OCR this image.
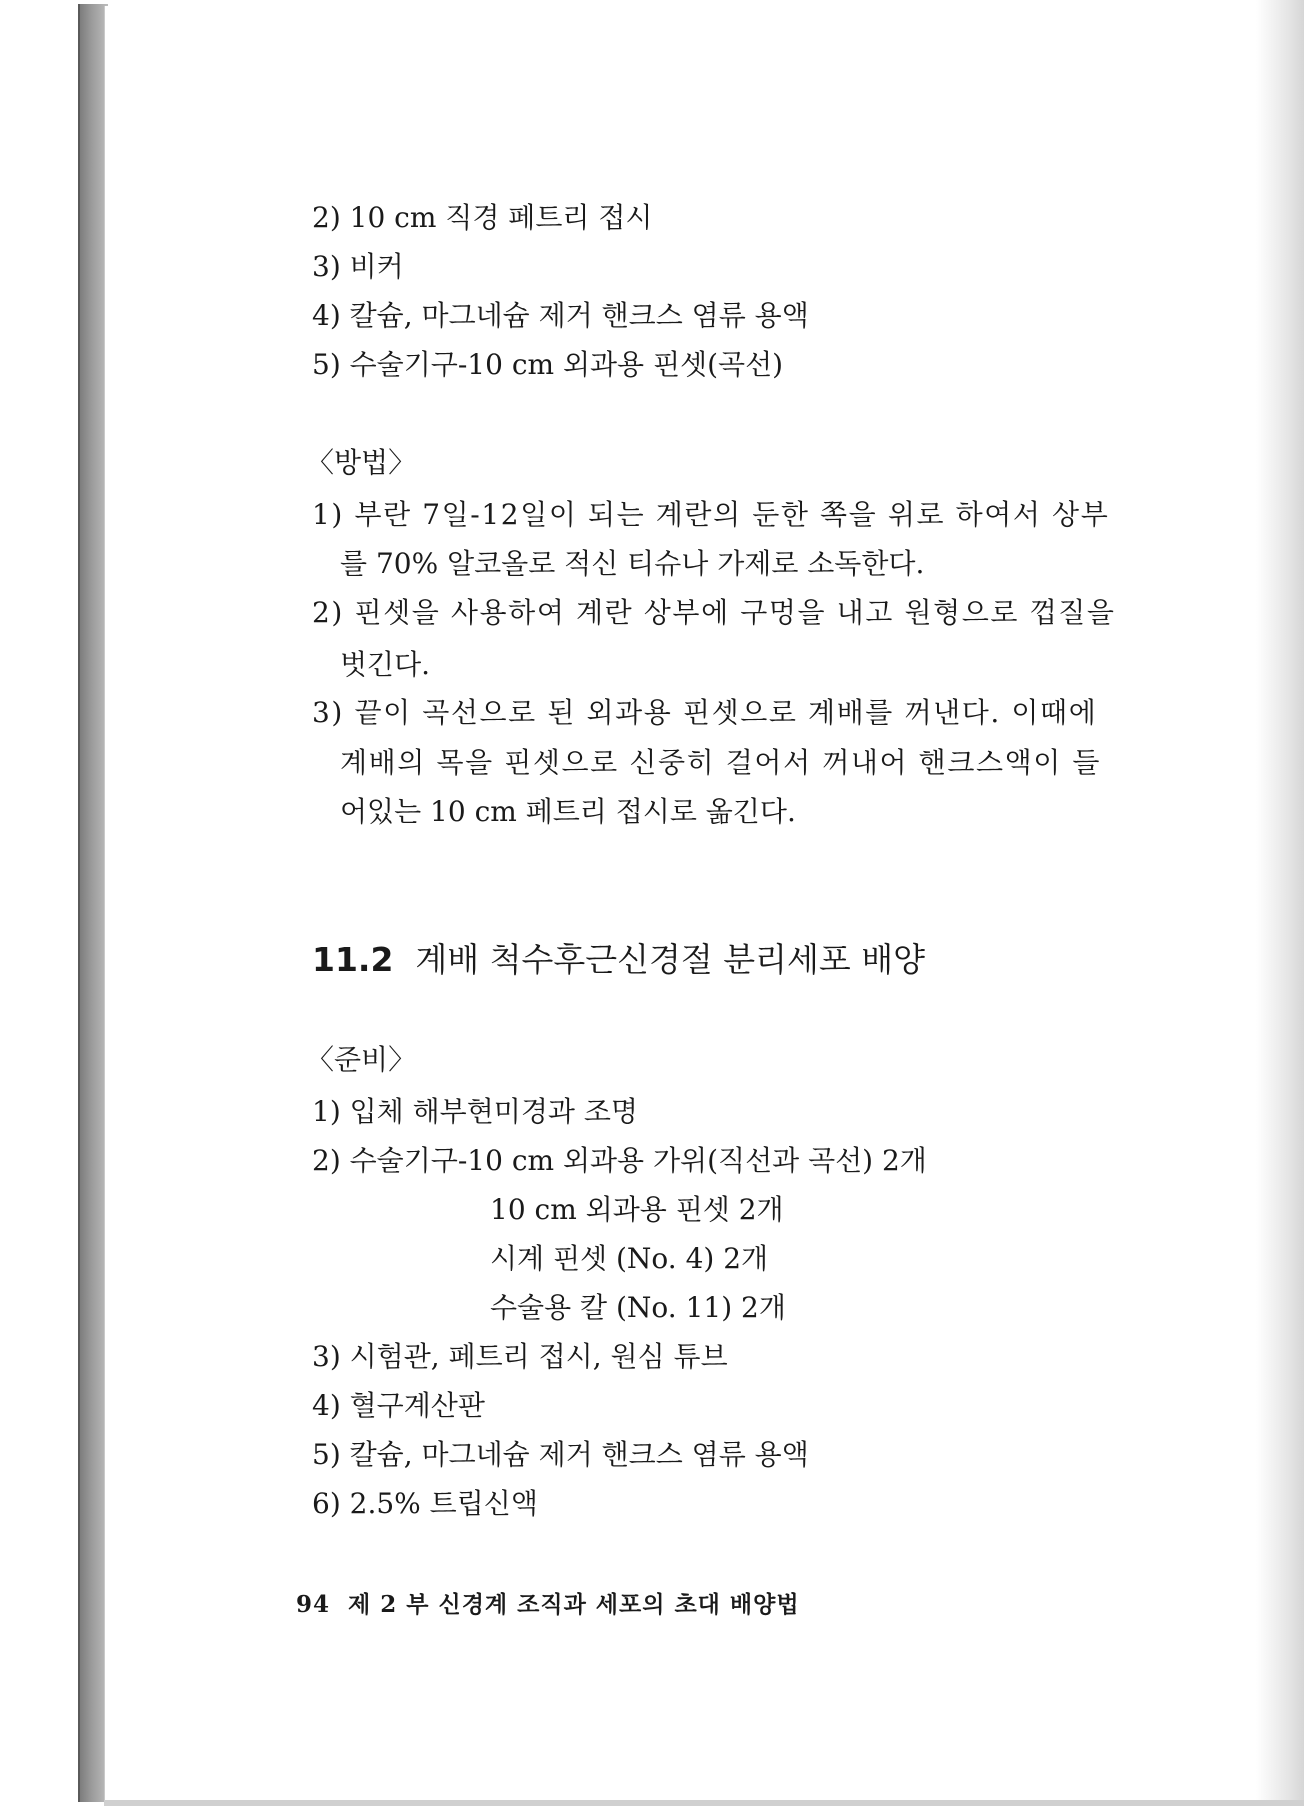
2) 10 cm 직경 페트리 접시
3) 비커
4) 칼슘, 마그네슘 제거 핸크스 염류 용액
5) 수술기구-10 cm 외과용 핀셋(곡선)
〈방법〉
1) 부란 7일-12일이 되는 계란의 둔한 쪽을 위로 하여서 상부
를 70% 알코올로 적신 티슈나 가제로 소독한다.
2) 핀셋을 사용하여 계란 상부에 구멍을 내고 원형으로 껍질을
벗긴다.
3) 끝이 곡선으로 된 외과용 핀셋으로 계배를 꺼낸다. 이때에
계배의 목을 핀셋으로 신중히 걸어서 꺼내어 핸크스액이 들
어있는 10 cm 페트리 접시로 옮긴다.
11.2 계배 척수후근신경절 분리세포 배양
〈준비〉
1) 입체 해부현미경과 조명
2) 수술기구-10 cm 외과용 가위(직선과 곡선) 2개
10 cm 외과용 핀셋 2개
시계 핀셋 (No. 4) 2개
수술용 칼 (No. 11) 2개
3) 시험관, 페트리 접시, 원심 튜브
4) 혈구계산판
5) 칼슘, 마그네슘 제거 핸크스 염류 용액
6) 2.5% 트립신액
94 제 2 부 신경계 조직과 세포의 초대 배양법
